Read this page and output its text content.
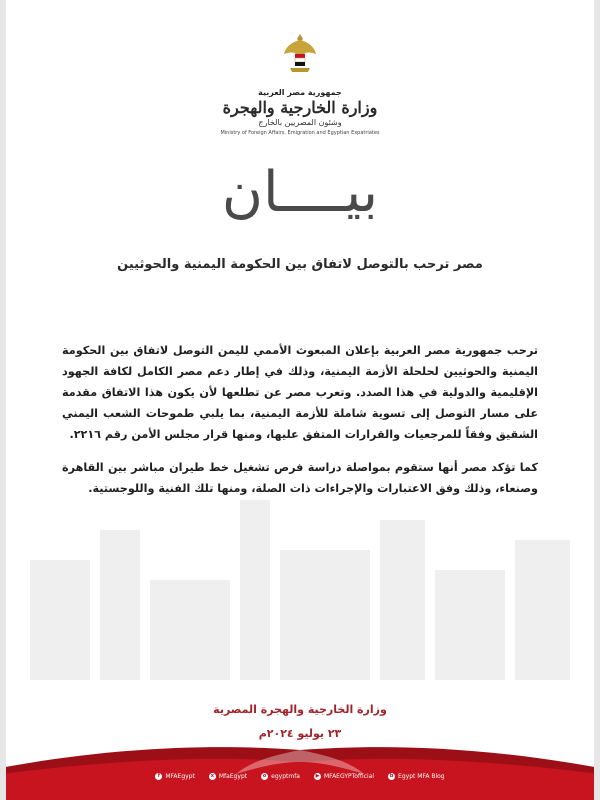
جمهورية مصر العربية
وزارة الخارجية والهجرة
وشئون المصريين بالخارج
Ministry of Foreign Affairs, Emigration and Egyptian Expatriates
بيــــان
مصر ترحب بالتوصل لاتفاق بين الحكومة اليمنية والحوثيين

ترحب جمهورية مصر العربية بإعلان المبعوث الأممي لليمن التوصل لاتفاق بين الحكومة اليمنية والحوثيين لحلحلة الأزمة اليمنية، وذلك في إطار دعم مصر الكامل لكافة الجهود الإقليمية والدولية في هذا الصدد. وتعرب مصر عن تطلعها لأن يكون هذا الاتفاق مقدمة على مسار التوصل إلى تسوية شاملة للأزمة اليمنية، بما يلبي طموحات الشعب اليمني الشقيق وفقاً للمرجعيات والقرارات المتفق عليها، ومنها قرار مجلس الأمن رقم ٢٢١٦.

كما تؤكد مصر أنها ستقوم بمواصلة دراسة فرص تشغيل خط طيران مباشر بين القاهرة وصنعاء، وذلك وفق الاعتبارات والإجراءات ذات الصلة، ومنها تلك الفنية واللوجستية.

وزارة الخارجية والهجرة المصرية
٢٣ يوليو ٢٠٢٤م
f MFAEgypt	x MfaEgypt	o egyptmfa	▶ MFAEGYPTofficial	b Egypt MFA Blog
